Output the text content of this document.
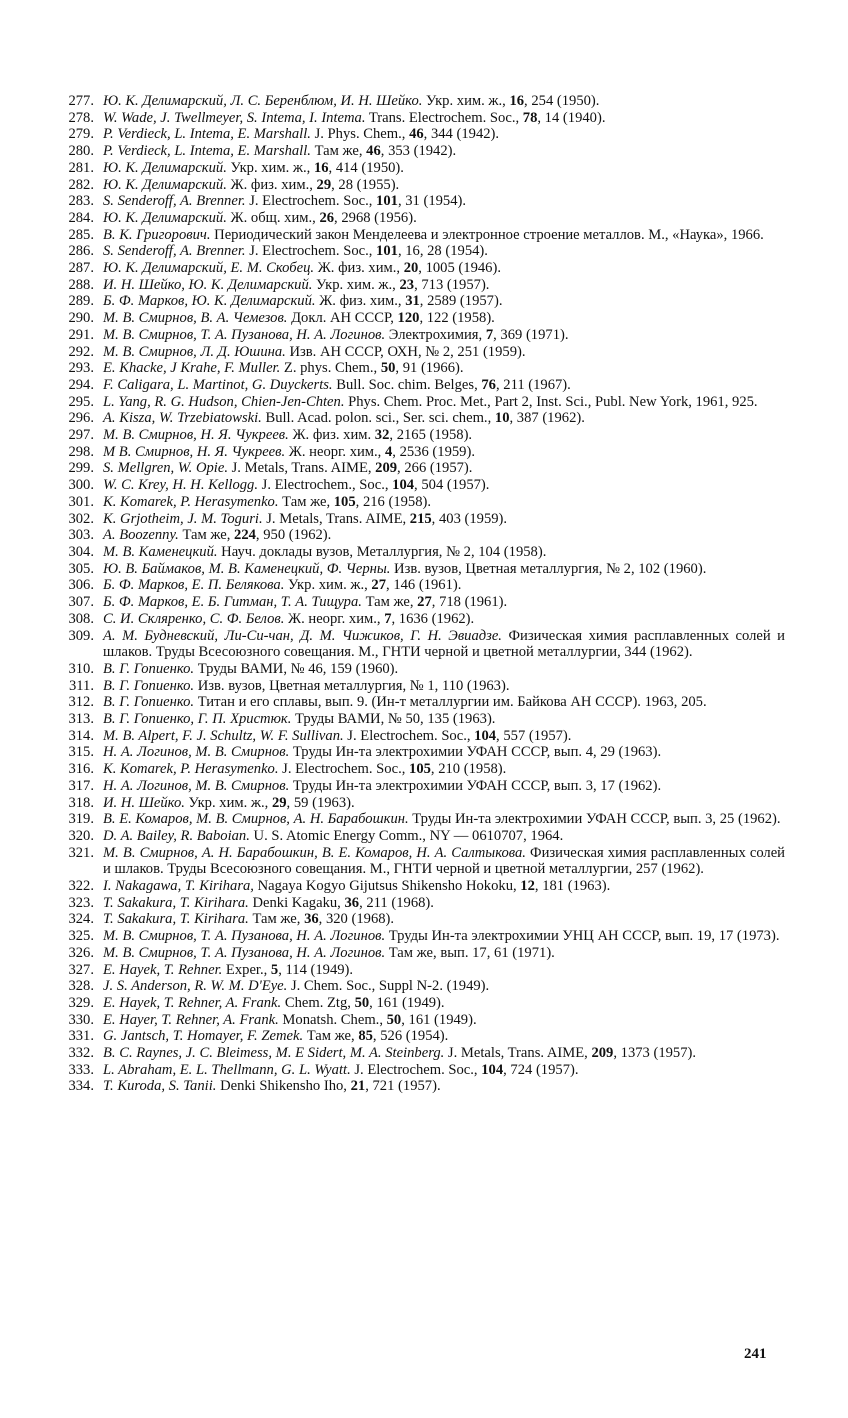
277. Ю. К. Делимарский, Л. С. Беренблюм, И. Н. Шейко. Укр. хим. ж., 16, 254 (1950).
278. W. Wade, J. Twellmeyer, S. Intema, I. Intema. Trans. Electrochem. Soc., 78, 14 (1940).
279. P. Verdieck, L. Intema, E. Marshall. J. Phys. Chem., 46, 344 (1942).
280. P. Verdieck, L. Intema, E. Marshall. Там же, 46, 353 (1942).
281. Ю. К. Делимарский. Укр. хим. ж., 16, 414 (1950).
282. Ю. К. Делимарский. Ж. физ. хим., 29, 28 (1955).
283. S. Senderoff, A. Brenner. J. Electrochem. Soc., 101, 31 (1954).
284. Ю. К. Делимарский. Ж. общ. хим., 26, 2968 (1956).
285. В. К. Григорович. Периодический закон Менделеева и электронное строение металлов. М., «Наука», 1966.
286. S. Senderoff, A. Brenner. J. Electrochem. Soc., 101, 16, 28 (1954).
287. Ю. К. Делимарский, Е. М. Скобец. Ж. физ. хим., 20, 1005 (1946).
288. И. Н. Шейко, Ю. К. Делимарский. Укр. хим. ж., 23, 713 (1957).
289. Б. Ф. Марков, Ю. К. Делимарский. Ж. физ. хим., 31, 2589 (1957).
290. М. В. Смирнов, В. А. Чемезов. Докл. АН СССР, 120, 122 (1958).
291. М. В. Смирнов, Т. А. Пузанова, Н. А. Логинов. Электрохимия, 7, 369 (1971).
292. М. В. Смирнов, Л. Д. Юшина. Изв. АН СССР, ОХН, № 2, 251 (1959).
293. E. Khacke, J Krahe, F. Muller. Z. phys. Chem., 50, 91 (1966).
294. F. Caligara, L. Martinot, G. Duyckerts. Bull. Soc. chim. Belges, 76, 211 (1967).
295. L. Yang, R. G. Hudson, Chien-Jen-Chten. Phys. Chem. Proc. Met., Part 2, Inst. Sci., Publ. New York, 1961, 925.
296. A. Kisza, W. Trzebiatowski. Bull. Acad. polon. sci., Ser. sci. chem., 10, 387 (1962).
297. М. В. Смирнов, Н. Я. Чукреев. Ж. физ. хим. 32, 2165 (1958).
298. М В. Смирнов, Н. Я. Чукреев. Ж. неорг. хим., 4, 2536 (1959).
299. S. Mellgren, W. Opie. J. Metals, Trans. AIME, 209, 266 (1957).
300. W. C. Krey, H. H. Kellogg. J. Electrochem., Soc., 104, 504 (1957).
301. K. Komarek, P. Herasymenko. Там же, 105, 216 (1958).
302. K. Grjotheim, J. M. Toguri. J. Metals, Trans. AIME, 215, 403 (1959).
303. A. Boozenny. Там же, 224, 950 (1962).
304. М. В. Каменецкий. Науч. доклады вузов, Металлургия, № 2, 104 (1958).
305. Ю. В. Баймаков, М. В. Каменецкий, Ф. Черны. Изв. вузов, Цветная металлургия, № 2, 102 (1960).
306. Б. Ф. Марков, Е. П. Белякова. Укр. хим. ж., 27, 146 (1961).
307. Б. Ф. Марков, Е. Б. Гитман, Т. А. Тищура. Там же, 27, 718 (1961).
308. С. И. Скляренко, С. Ф. Белов. Ж. неорг. хим., 7, 1636 (1962).
309. А. М. Будневский, Ли-Си-чан, Д. М. Чижиков, Г. Н. Эвиадзе. Физическая химия расплавленных солей и шлаков. Труды Всесоюзного совещания. М., ГНТИ черной и цветной металлургии, 344 (1962).
310. В. Г. Гопиенко. Труды ВАМИ, № 46, 159 (1960).
311. В. Г. Гопиенко. Изв. вузов, Цветная металлургия, № 1, 110 (1963).
312. В. Г. Гопиенко. Титан и его сплавы, вып. 9. (Ин-т металлургии им. Байкова АН СССР). 1963, 205.
313. В. Г. Гопиенко, Г. П. Христюк. Труды ВАМИ, № 50, 135 (1963).
314. M. B. Alpert, F. J. Schultz, W. F. Sullivan. J. Electrochem. Soc., 104, 557 (1957).
315. Н. А. Логинов, М. В. Смирнов. Труды Ин-та электрохимии УФАН СССР, вып. 4, 29 (1963).
316. K. Komarek, P. Herasymenko. J. Electrochem. Soc., 105, 210 (1958).
317. Н. А. Логинов, М. В. Смирнов. Труды Ин-та электрохимии УФАН СССР, вып. 3, 17 (1962).
318. И. Н. Шейко. Укр. хим. ж., 29, 59 (1963).
319. В. Е. Комаров, М. В. Смирнов, А. Н. Барабошкин. Труды Ин-та электрохимии УФАН СССР, вып. 3, 25 (1962).
320. D. A. Bailey, R. Baboian. U. S. Atomic Energy Comm., NY — 0610707, 1964.
321. М. В. Смирнов, А. Н. Барабошкин, В. Е. Комаров, Н. А. Салтыкова. Физическая химия расплавленных солей и шлаков. Труды Всесоюзного совещания. М., ГНТИ черной и цветной металлургии, 257 (1962).
322. I. Nakagawa, T. Kirihara, Nagaya Kogyo Gijutsus Shikensho Hokoku, 12, 181 (1963).
323. T. Sakakura, T. Kirihara. Denki Kagaku, 36, 211 (1968).
324. T. Sakakura, T. Kirihara. Там же, 36, 320 (1968).
325. М. В. Смирнов, Т. А. Пузанова, Н. А. Логинов. Труды Ин-та электрохимии УНЦ АН СССР, вып. 19, 17 (1973).
326. М. В. Смирнов, Т. А. Пузанова, Н. А. Логинов. Там же, вып. 17, 61 (1971).
327. E. Hayek, T. Rehner. Exper., 5, 114 (1949).
328. J. S. Anderson, R. W. M. D'Eye. J. Chem. Soc., Suppl N-2. (1949).
329. E. Hayek, T. Rehner, A. Frank. Chem. Ztg, 50, 161 (1949).
330. E. Hayer, T. Rehner, A. Frank. Monatsh. Chem., 50, 161 (1949).
331. G. Jantsch, T. Homayer, F. Zemek. Там же, 85, 526 (1954).
332. B. C. Raynes, J. C. Bleimess, M. E Sidert, M. A. Steinberg. J. Metals, Trans. AIME, 209, 1373 (1957).
333. L. Abraham, E. L. Thellmann, G. L. Wyatt. J. Electrochem. Soc., 104, 724 (1957).
334. T. Kuroda, S. Tanii. Denki Shikensho Iho, 21, 721 (1957).
241
